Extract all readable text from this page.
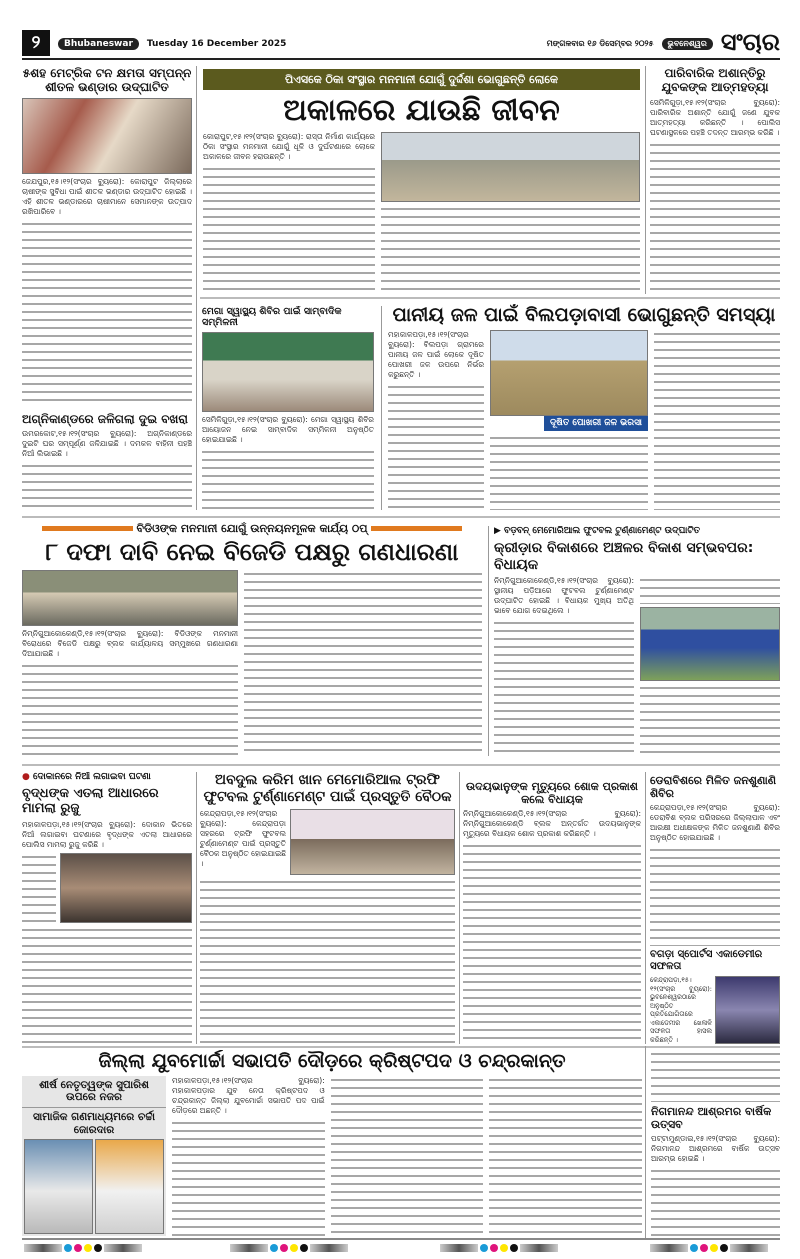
୨	Bhubaneswar	Tuesday 16 December 2025	ମଙ୍ଗଳବାର ୧୬ ଡିସେମ୍ବର ୨୦୨୫	ଭୁବନେଶ୍ୱର ସଂଚାର
୫ଶହ ମେଟ୍ରିକ ଟନ କ୍ଷମତା ସମ୍ପନ୍ନ ଶୀତଳ ଭଣ୍ଡାର ଉଦ୍‌ଘାଟିତ
ଜେଯପୁର,୧୫।୧୨(ସଂଚାର ବ୍ୟୁରୋ): କୋରାପୁଟ ଜିଲ୍ଲାରେ ଚାଷୀଙ୍କ ସୁବିଧା ପାଇଁ ଶୀତଳ ଭଣ୍ଡାର ଉଦ୍‌ଘାଟିତ ହୋଇଛି । ଏହି ଶୀତଳ ଭଣ୍ଡାରରେ ଚାଷୀମାନେ ସେମାନଙ୍କ ଉତ୍ପାଦ ରଖିପାରିବେ ।
ଅଗ୍ନିକାଣ୍ଡରେ ଜଳିଗଲା ଦୁଇ ବଖରା
ଉମରକୋଟ,୧୫।୧୨(ସଂଚାର ବ୍ୟୁରୋ): ଅଗ୍ନିକାଣ୍ଡରେ ଦୁଇଟି ଘର ସମ୍ପୂର୍ଣ୍ଣ ଜଳିଯାଇଛି । ଦମକଳ ବାହିନୀ ପହଞ୍ଚି ନିଆଁ ଲିଭାଇଛି ।
ପିଏସକେ ଠିକା ସଂସ୍ଥାର ମନମାନୀ ଯୋଗୁଁ ଦୁର୍ଦ୍ଦଶା ଭୋଗୁଛନ୍ତି ଲୋକେ
ଅକାଳରେ ଯାଉଛି ଜୀବନ
କୋରାପୁଟ,୧୫।୧୨(ସଂଚାର ବ୍ୟୁରୋ): ରାସ୍ତା ନିର୍ମାଣ କାର୍ଯ୍ୟରେ ଠିକା ସଂସ୍ଥାର ମନମାନୀ ଯୋଗୁଁ ଧୂଳି ଓ ଦୁର୍ଘଟଣାରେ ଲୋକେ ଅକାଳରେ ଜୀବନ ହରାଉଛନ୍ତି ।
ପାରିବାରିକ ଅଶାନ୍ତିରୁ ଯୁବକଙ୍କ ଆତ୍ମହତ୍ୟା
ସେମିଳିଗୁଡ଼ା,୧୫।୧୨(ସଂଚାର ବ୍ୟୁରୋ): ପାରିବାରିକ ଅଶାନ୍ତି ଯୋଗୁଁ ଜଣେ ଯୁବକ ଆତ୍ମହତ୍ୟା କରିଛନ୍ତି । ପୋଲିସ ଘଟଣାସ୍ଥଳରେ ପହଞ୍ଚି ତଦନ୍ତ ଆରମ୍ଭ କରିଛି ।
ମେଗା ସ୍ୱାସ୍ଥ୍ୟ ଶିବିର ପାଇଁ ସାମ୍ବାଦିକ ସମ୍ମିଳନୀ
ସେମିଳିଗୁଡ଼ା,୧୫।୧୨(ସଂଚାର ବ୍ୟୁରୋ): ମେଗା ସ୍ୱାସ୍ଥ୍ୟ ଶିବିର ଆୟୋଜନ ନେଇ ସାମ୍ବାଦିକ ସମ୍ମିଳନୀ ଅନୁଷ୍ଠିତ ହୋଇଯାଇଛି ।
ପାନୀୟ ଜଳ ପାଇଁ ବିଲପଡ଼ାବାସୀ ଭୋଗୁଛନ୍ତି ସମସ୍ୟା
ମହାକାଳପଡ଼ା,୧୫।୧୨(ସଂଚାର ବ୍ୟୁରୋ): ବିଲପଡ଼ା ଗ୍ରାମରେ ପାନୀୟ ଜଳ ପାଇଁ ଲୋକେ ଦୂଷିତ ପୋଖରୀ ଜଳ ଉପରେ ନିର୍ଭର କରୁଛନ୍ତି ।
ଦୂଷିତ ପୋଖରୀ ଜଳ ଭରସା
ବିଡିଓଙ୍କ ମନମାନୀ ଯୋଗୁଁ ଉନ୍ନୟନମୂଳକ କାର୍ଯ୍ୟ ଠପ୍
୮ ଦଫା ଦାବି ନେଇ ବିଜେଡି ପକ୍ଷରୁ ଗଣଧାରଣା
ନିମ୍ନିଗୁଆକୋକେଣ୍ଡି,୧୫।୧୨(ସଂଚାର ବ୍ୟୁରୋ): ବିଡିଓଙ୍କ ମନମାନୀ ବିରୋଧରେ ବିଜେଡି ପକ୍ଷରୁ ବ୍ଲକ କାର୍ଯ୍ୟାଳୟ ସମ୍ମୁଖରେ ଗଣଧାରଣା ଦିଆଯାଇଛି ।
▶ ବଡ଼ବନ୍ ମେମୋରିଆଲ ଫୁଟବଲ ଟୁର୍ଣ୍ଣାମେଣ୍ଟ ଉଦ୍‌ଘାଟିତ
କ୍ରୀଡ଼ାର ବିକାଶରେ ଅଞ୍ଚଳର ବିକାଶ ସମ୍ଭବପର: ବିଧାୟକ
ନିମ୍ନିଗୁଆକୋକେଣ୍ଡି,୧୫।୧୨(ସଂଚାର ବ୍ୟୁରୋ): ସ୍ଥାନୀୟ ପଡ଼ିଆରେ ଫୁଟବଲ ଟୁର୍ଣ୍ଣାମେଣ୍ଟ ଉଦ୍‌ଘାଟିତ ହୋଇଛି । ବିଧାୟକ ମୁଖ୍ୟ ଅତିଥି ଭାବେ ଯୋଗ ଦେଇଥିଲେ ।
● ଦୋକାନରେ ନିଆଁ ଲଗାଇବା ଘଟଣା
ବୃଦ୍ଧଙ୍କ ଏତଲା ଆଧାରରେ ମାମଲା ରୁଜୁ
ମହାକାଳପଡ଼ା,୧୫।୧୨(ସଂଚାର ବ୍ୟୁରୋ): ଦୋକାନ ଭିତରେ ନିଆଁ ଲଗାଇବା ଘଟଣାରେ ବୃଦ୍ଧଙ୍କ ଏତଲା ଆଧାରରେ ପୋଲିସ ମାମଲା ରୁଜୁ କରିଛି ।
ଅବଦୁଲ କରିମ ଖାନ ମେମୋରିଆଲ ଟ୍ରଫି ଫୁଟବଲ ଟୁର୍ଣ୍ଣାମେଣ୍ଟ ପାଇଁ ପ୍ରସ୍ତୁତି ବୈଠକ
କେନ୍ଦ୍ରାପଡ଼ା,୧୫।୧୨(ସଂଚାର ବ୍ୟୁରୋ): କେନ୍ଦ୍ରାପଡ଼ା ସହରରେ ଟ୍ରଫି ଫୁଟବଲ ଟୁର୍ଣ୍ଣାମେଣ୍ଟ ପାଇଁ ପ୍ରସ୍ତୁତି ବୈଠକ ଅନୁଷ୍ଠିତ ହୋଇଯାଇଛି ।
ଉଦୟଭାନୁଙ୍କ ମୃତ୍ୟୁରେ ଶୋକ ପ୍ରକାଶ କଲେ ବିଧାୟକ
ନିମ୍ନିଗୁଆକୋକେଣ୍ଡି,୧୫।୧୨(ସଂଚାର ବ୍ୟୁରୋ): ନିମ୍ନିଗୁଆକୋକେଣ୍ଡି ବ୍ଲକ ଅନ୍ତର୍ଗତ ଉଦୟଭାନୁଙ୍କ ମୃତ୍ୟୁରେ ବିଧାୟକ ଶୋକ ପ୍ରକାଶ କରିଛନ୍ତି ।
ଡେରାବିଶରେ ମିଳିତ ଜନଶୁଣାଣି ଶିବିର
କେନ୍ଦ୍ରାପଡ଼ା,୧୫।୧୨(ସଂଚାର ବ୍ୟୁରୋ): ଡେରାବିଶ ବ୍ଲକ ପରିସରରେ ଜିଲ୍ଲାପାଳ ଏବଂ ଆରକ୍ଷୀ ଅଧୀକ୍ଷକଙ୍କ ମିଳିତ ଜନଶୁଣାଣି ଶିବିର ଅନୁଷ୍ଠିତ ହୋଇଯାଇଛି ।
ବଗଡ଼ା ସ୍ପୋର୍ଟସ ଏକାଡେମୀର ସଫଳତା
କେନ୍ଦ୍ରାପଡ଼ା,୧୫।୧୨(ସଂଚାର ବ୍ୟୁରୋ): ଭୁବନେଶ୍ୱରଠାରେ ଅନୁଷ୍ଠିତ ପ୍ରତିଯୋଗିତାରେ ଏକାଡେମୀର ଖେଳାଳି ସଫଳତା ହାସଲ କରିଛନ୍ତି ।
ଜିଲ୍ଲା ଯୁବମୋର୍ଚ୍ଚା ସଭାପତି ଦୌଡ଼ରେ କ୍ରିଷ୍ଟପଦ ଓ ଚନ୍ଦ୍ରକାନ୍ତ
ଶୀର୍ଷ ନେତୃତ୍ୱଙ୍କ ସୁପାରିଶ ଉପରେ ନଜର
ସାମାଜିକ ଗଣମାଧ୍ୟମରେ ଚର୍ଚ୍ଚା ଜୋରଦାର
ମହାକାଳପଡ଼ା,୧୫।୧୨(ସଂଚାର ବ୍ୟୁରୋ): ମହାକାଳପଡ଼ାର ଯୁବ ନେତା କ୍ରିଷ୍ଟପଦ ଓ ଚନ୍ଦ୍ରକାନ୍ତ ଜିଲ୍ଲା ଯୁବମୋର୍ଚ୍ଚା ସଭାପତି ପଦ ପାଇଁ ଦୌଡ଼ରେ ଅଛନ୍ତି ।	ନିଗମାନନ୍ଦ ଆଶ୍ରମର ବାର୍ଷିକ ଉତ୍ସବ
ପଟ୍ଟାମୁଣ୍ଡାଇ,୧୫।୧୨(ସଂଚାର ବ୍ୟୁରୋ): ନିଗମାନନ୍ଦ ଆଶ୍ରମରେ ବାର୍ଷିକ ଉତ୍ସବ ଆରମ୍ଭ ହୋଇଛି ।
